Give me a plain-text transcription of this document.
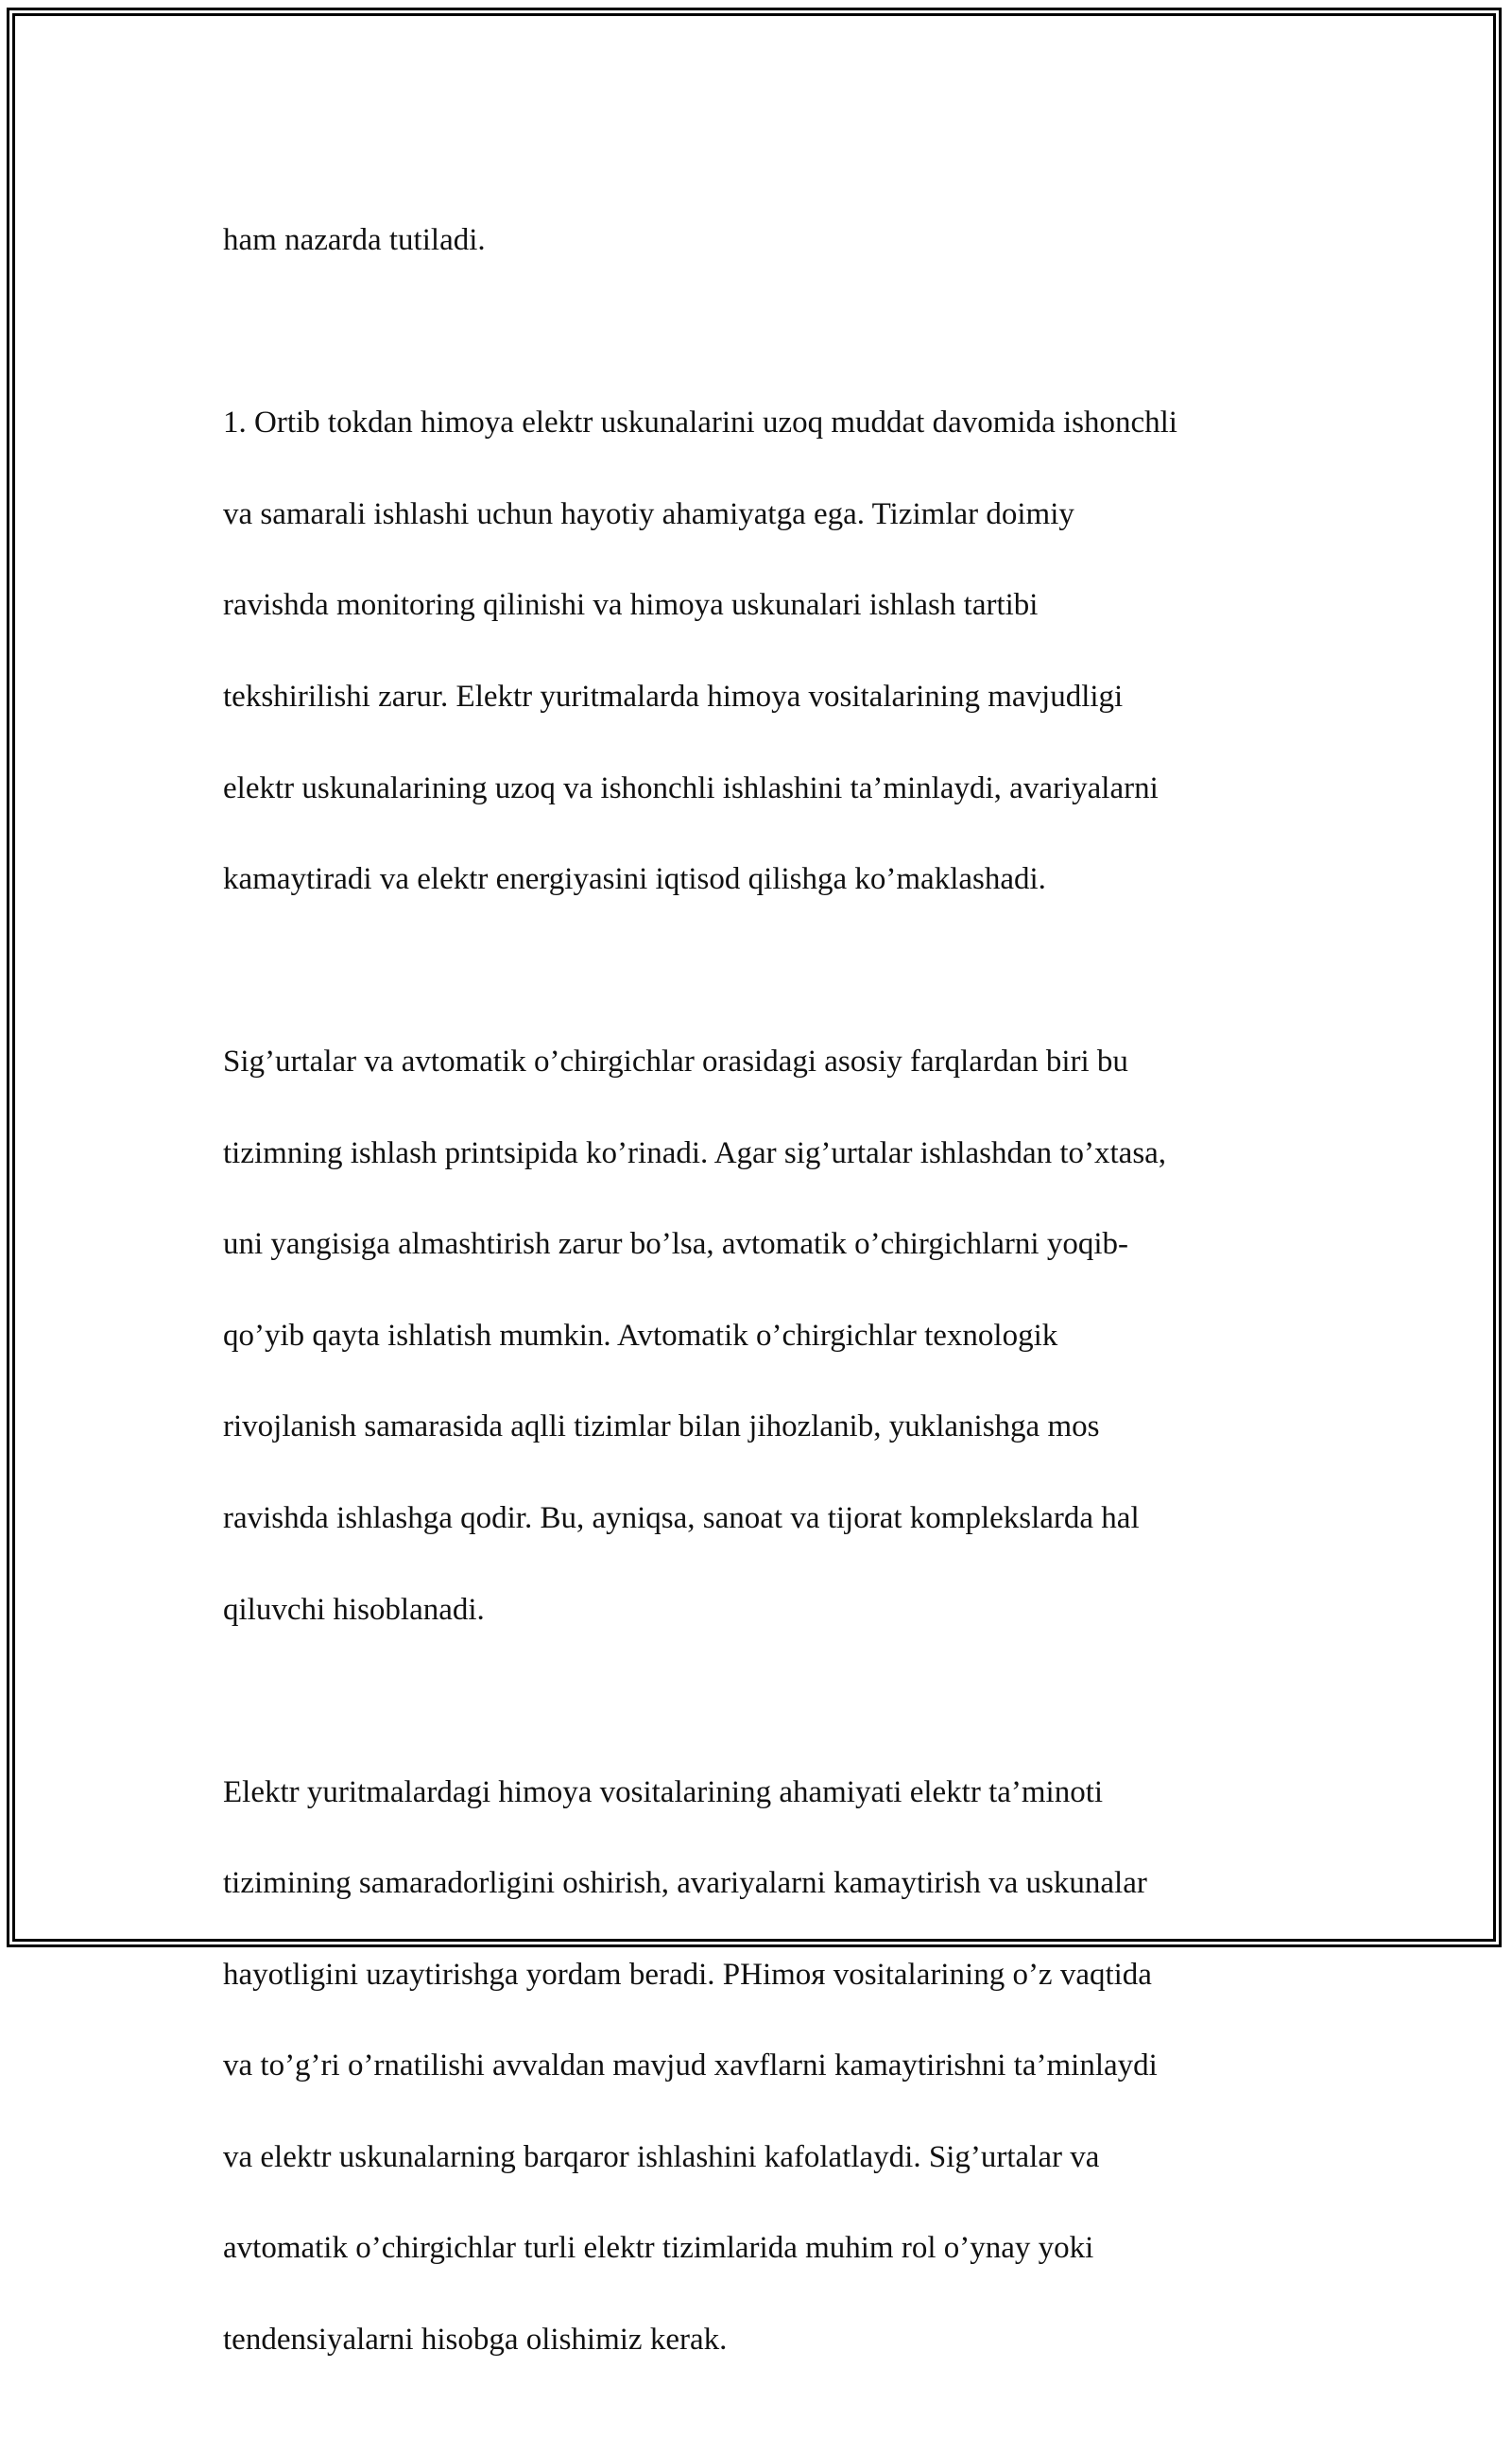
ham nazarda tutiladi.

1. Ortib tokdan himoya elektr uskunalarini uzoq muddat davomida ishonchli

va samarali ishlashi uchun hayotiy ahamiyatga ega. Tizimlar doimiy

ravishda monitoring qilinishi va himoya uskunalari ishlash tartibi

tekshirilishi zarur. Elektr yuritmalarda himoya vositalarining mavjudligi

elektr uskunalarining uzoq va ishonchli ishlashini ta’minlaydi, avariyalarni

kamaytiradi va elektr energiyasini iqtisod qilishga ko’maklashadi.

Sig’urtalar va avtomatik o’chirgichlar orasidagi asosiy farqlardan biri bu

tizimning ishlash printsipida ko’rinadi. Agar sig’urtalar ishlashdan to’xtasa,

uni yangisiga almashtirish zarur bo’lsa, avtomatik o’chirgichlarni yoqib-

qo’yib qayta ishlatish mumkin. Avtomatik o’chirgichlar texnologik

rivojlanish samarasida aqlli tizimlar bilan jihozlanib, yuklanishga mos

ravishda ishlashga qodir. Bu, ayniqsa, sanoat va tijorat komplekslarda hal

qiluvchi hisoblanadi.

Elektr yuritmalardagi himoya vositalarining ahamiyati elektr ta’minoti

tizimining samaradorligini oshirish, avariyalarni kamaytirish va uskunalar

hayotligini uzaytirishga yordam beradi. PHimoя vositalarining o’z vaqtida

va to’g’ri o’rnatilishi avvaldan mavjud xavflarni kamaytirishni ta’minlaydi

va elektr uskunalarning barqaror ishlashini kafolatlaydi. Sig’urtalar va

avtomatik o’chirgichlar turli elektr tizimlarida muhim rol o’ynay yoki

tendensiyalarni hisobga olishimiz kerak.
